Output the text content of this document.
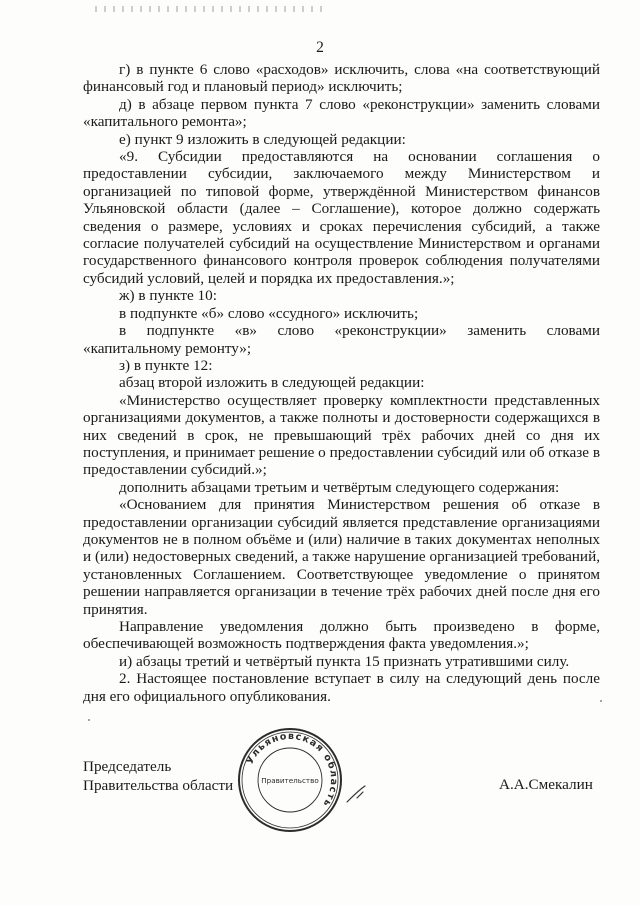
2

г) в пункте 6 слово «расходов» исключить, слова «на соответствующий финансовый год и плановый период» исключить;

д) в абзаце первом пункта 7 слово «реконструкции» заменить словами «капитального ремонта»;

е) пункт 9 изложить в следующей редакции:

«9. Субсидии предоставляются на основании соглашения о предоставлении субсидии, заключаемого между Министерством и организацией по типовой форме, утверждённой Министерством финансов Ульяновской области (далее – Соглашение), которое должно содержать сведения о размере, условиях и сроках перечисления субсидий, а также согласие получателей субсидий на осуществление Министерством и органами государственного финансового контроля проверок соблюдения получателями субсидий условий, целей и порядка их предоставления.»;

ж) в пункте 10:

в подпункте «б» слово «ссудного» исключить;

в подпункте «в» слово «реконструкции» заменить словами «капитальному ремонту»;

з) в пункте 12:

абзац второй изложить в следующей редакции:

«Министерство осуществляет проверку комплектности представленных организациями документов, а также полноты и достоверности содержащихся в них сведений в срок, не превышающий трёх рабочих дней со дня их поступления, и принимает решение о предоставлении субсидий или об отказе в предоставлении субсидий.»;

дополнить абзацами третьим и четвёртым следующего содержания:

«Основанием для принятия Министерством решения об отказе в предоставлении организации субсидий является представление организациями документов не в полном объёме и (или) наличие в таких документах неполных и (или) недостоверных сведений, а также нарушение организацией требований, установленных Соглашением. Соответствующее уведомление о принятом решении направляется организации в течение трёх рабочих дней после дня его принятия.

Направление уведомления должно быть произведено в форме, обеспечивающей возможность подтверждения факта уведомления.»;

и) абзацы третий и четвёртый пункта 15 признать утратившими силу.

2. Настоящее постановление вступает в силу на следующий день после дня его официального опубликования.

Председатель
Правительства области
Ульяновская область
Правительство	А.А.Смекалин
